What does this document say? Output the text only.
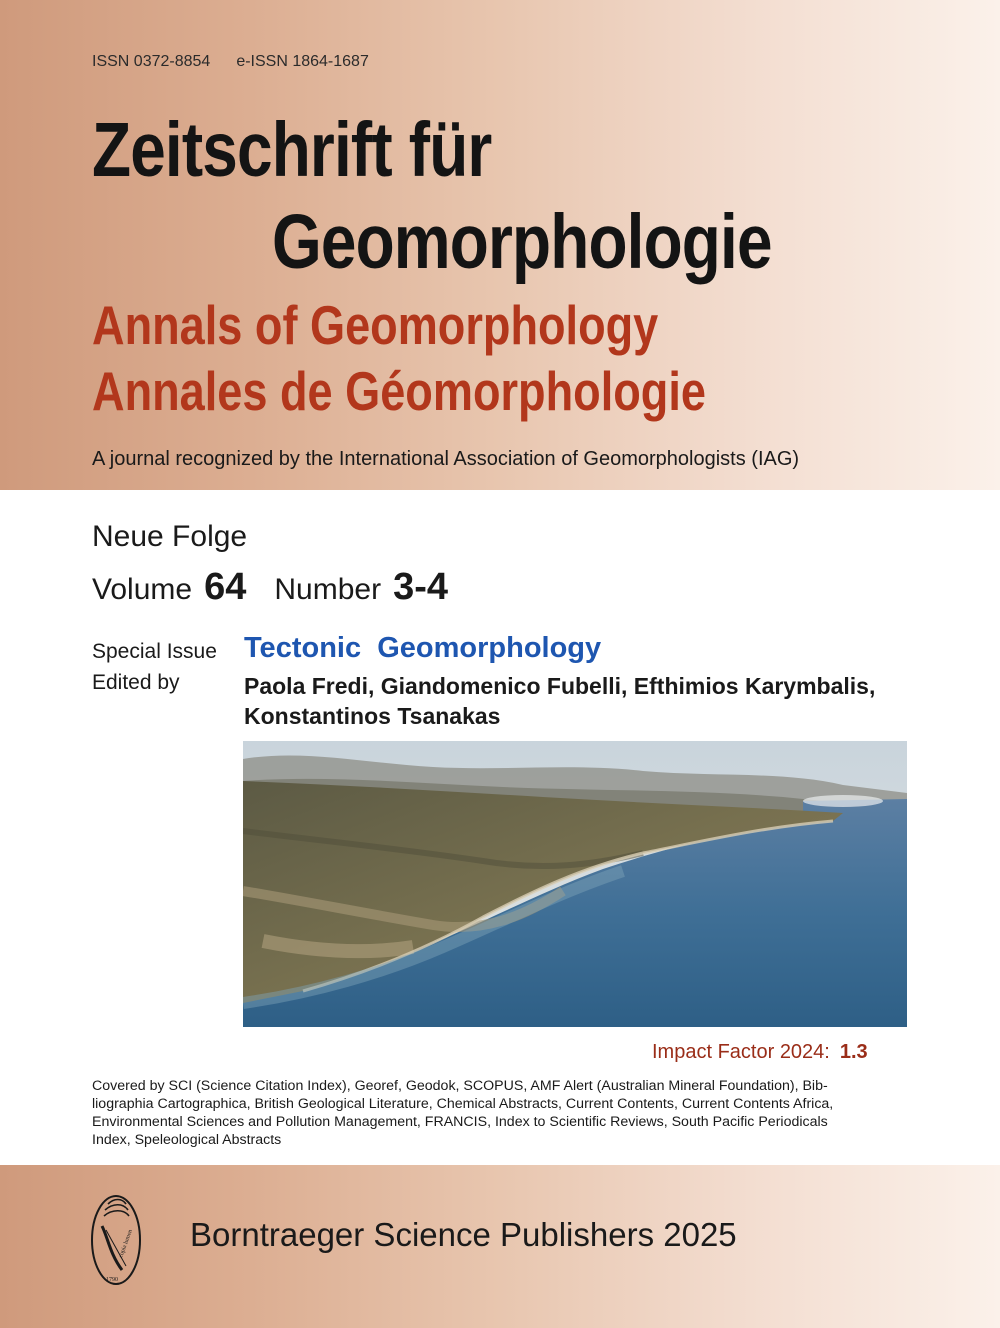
ISSN 0372-8854 e-ISSN 1864-1687
Zeitschrift für
Geomorphologie
Annals of Geomorphology
Annales de Géomorphologie
A journal recognized by the International Association of Geomorphologists (IAG)
Neue Folge
Volume 64 Number 3-4
Special Issue Tectonic  Geomorphology
Edited by	Paola Fredi, Giandomenico Fubelli, Efthimios Karymbalis,
Konstantinos Tsanakas
Impact Factor 2024: 1.3
Covered by SCI (Science Citation Index), Georef, Geodok, SCOPUS, AMF Alert (Australian Mineral Foundation), Bib-
liographia Cartographica, British Geological Literature, Chemical Abstracts, Current Contents, Current Contents Africa,
Environmental Sciences and Pollution Management, FRANCIS, Index to Scientific Reviews, South Pacific Periodicals
Index, Speleological Abstracts
copia lumen
1790
Borntraeger Science Publishers 2025
